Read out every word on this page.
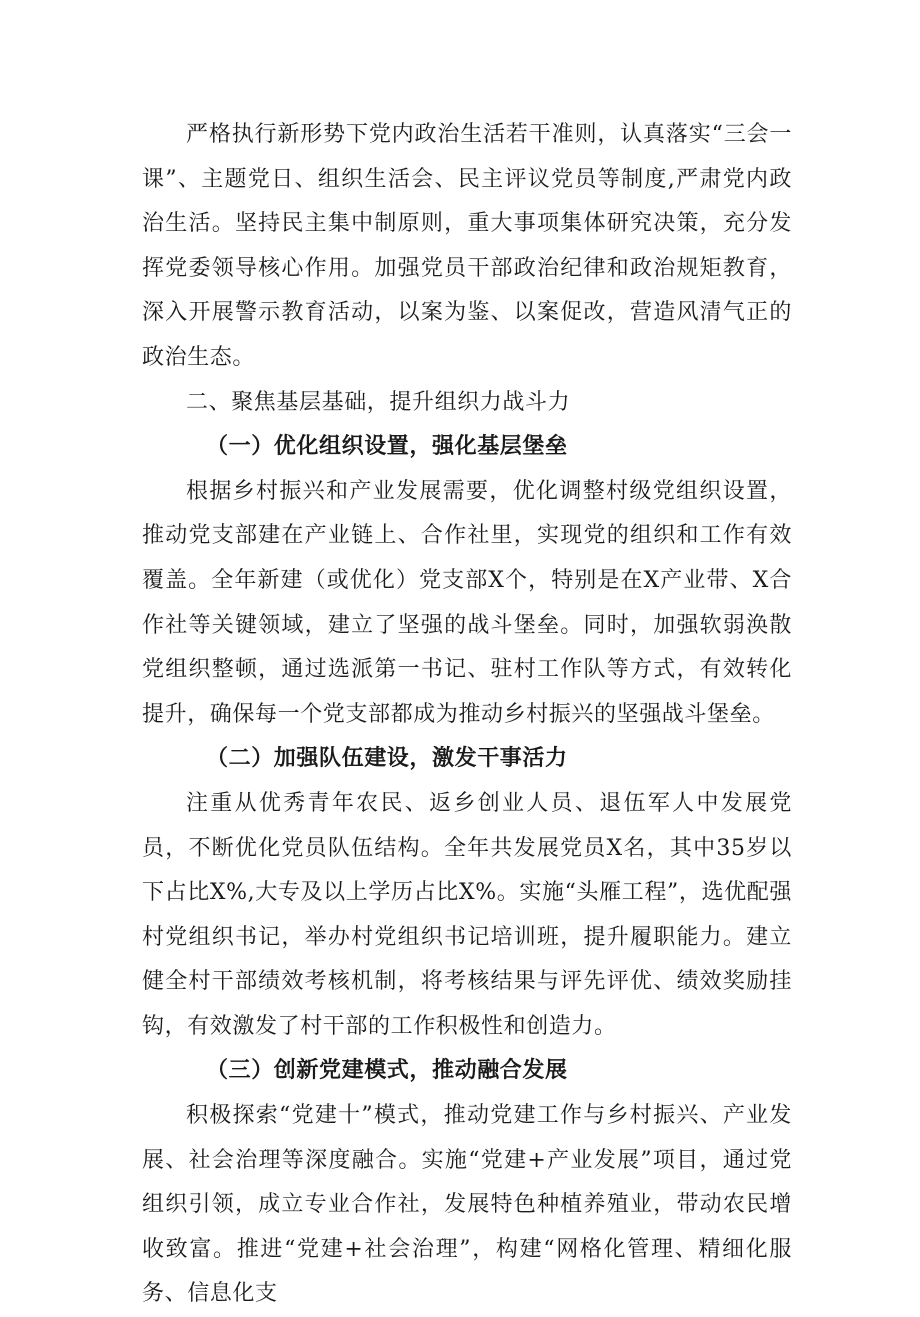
严格执行新形势下党内政治生活若干准则，认真落实“三会一课”、主题党日、组织生活会、民主评议党员等制度,严肃党内政治生活。坚持民主集中制原则，重大事项集体研究决策，充分发挥党委领导核心作用。加强党员干部政治纪律和政治规矩教育，深入开展警示教育活动，以案为鉴、以案促改，营造风清气正的政治生态。

二、聚焦基层基础，提升组织力战斗力

（一）优化组织设置，强化基层堡垒

根据乡村振兴和产业发展需要，优化调整村级党组织设置，推动党支部建在产业链上、合作社里，实现党的组织和工作有效覆盖。全年新建（或优化）党支部X个，特别是在X产业带、X合作社等关键领域，建立了坚强的战斗堡垒。同时，加强软弱涣散党组织整顿，通过选派第一书记、驻村工作队等方式，有效转化提升，确保每一个党支部都成为推动乡村振兴的坚强战斗堡垒。

（二）加强队伍建设，激发干事活力

注重从优秀青年农民、返乡创业人员、退伍军人中发展党员，不断优化党员队伍结构。全年共发展党员X名，其中35岁以下占比X%,大专及以上学历占比X%。实施“头雁工程”，选优配强村党组织书记，举办村党组织书记培训班，提升履职能力。建立健全村干部绩效考核机制，将考核结果与评先评优、绩效奖励挂钩，有效激发了村干部的工作积极性和创造力。

（三）创新党建模式，推动融合发展

积极探索“党建十”模式，推动党建工作与乡村振兴、产业发展、社会治理等深度融合。实施“党建+产业发展”项目，通过党组织引领，成立专业合作社，发展特色种植养殖业，带动农民增收致富。推进“党建+社会治理”，构建“网格化管理、精细化服务、信息化支
